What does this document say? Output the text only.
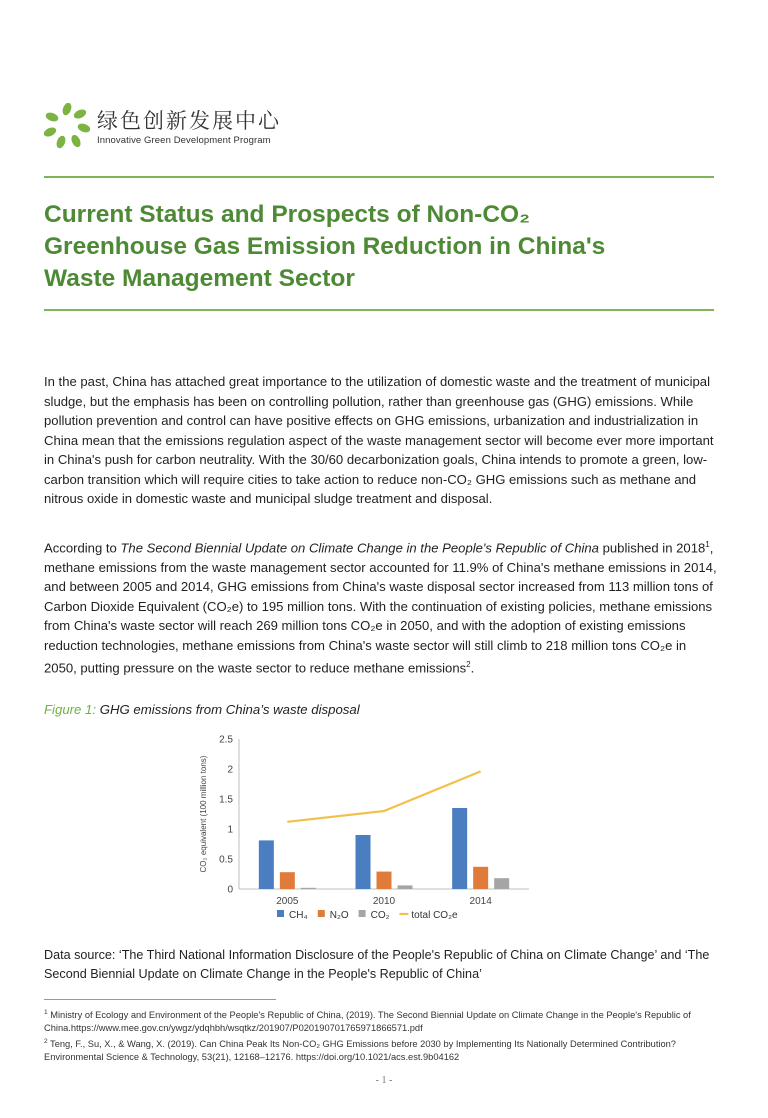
绿色创新发展中心
Innovative Green Development Program
Current Status and Prospects of Non-CO₂
Greenhouse Gas Emission Reduction in China's
Waste Management Sector

In the past, China has attached great importance to the utilization of domestic waste and the treatment of municipal sludge, but the emphasis has been on controlling pollution, rather than greenhouse gas (GHG) emissions. While pollution prevention and control can have positive effects on GHG emissions, urbanization and industrialization in China mean that the emissions regulation aspect of the waste management sector will become ever more important in China's push for carbon neutrality. With the 30/60 decarbonization goals, China intends to promote a green, low-carbon transition which will require cities to take action to reduce non-CO₂ GHG emissions such as methane and nitrous oxide in domestic waste and municipal sludge treatment and disposal.

According to The Second Biennial Update on Climate Change in the People's Republic of China published in 2018$^1$, methane emissions from the waste management sector accounted for 11.9% of China's methane emissions in 2014, and between 2005 and 2014, GHG emissions from China's waste disposal sector increased from 113 million tons of Carbon Dioxide Equivalent (CO₂e) to 195 million tons. With the continuation of existing policies, methane emissions from China's waste sector will reach 269 million tons CO₂e in 2050, and with the adoption of existing emissions reduction technologies, methane emissions from China's waste sector will still climb to 218 million tons CO₂e in 2050, putting pressure on the waste sector to reduce methane emissions$^2$.

Figure 1: GHG emissions from China’s waste disposal

0
0.5
1
1.5
2
2.5
CO₂ equivalent (100 million tons)
2005	2010	2014
CH₄ N₂O CO₂ total CO₂e

Data source: ‘The Third National Information Disclosure of the People's Republic of China on Climate Change’ and ‘The Second Biennial Update on Climate Change in the People's Republic of China’

$^1$ Ministry of Ecology and Environment of the People's Republic of China, (2019). The Second Biennial Update on Climate Change in the People's Republic of China.https://www.mee.gov.cn/ywgz/ydqhbh/wsqtkz/201907/P020190701765971866571.pdf

$^2$ Teng, F., Su, X., & Wang, X. (2019). Can China Peak Its Non-CO₂ GHG Emissions before 2030 by Implementing Its Nationally Determined Contribution? Environmental Science & Technology, 53(21), 12168–12176. https://doi.org/10.1021/acs.est.9b04162

- 1 -
